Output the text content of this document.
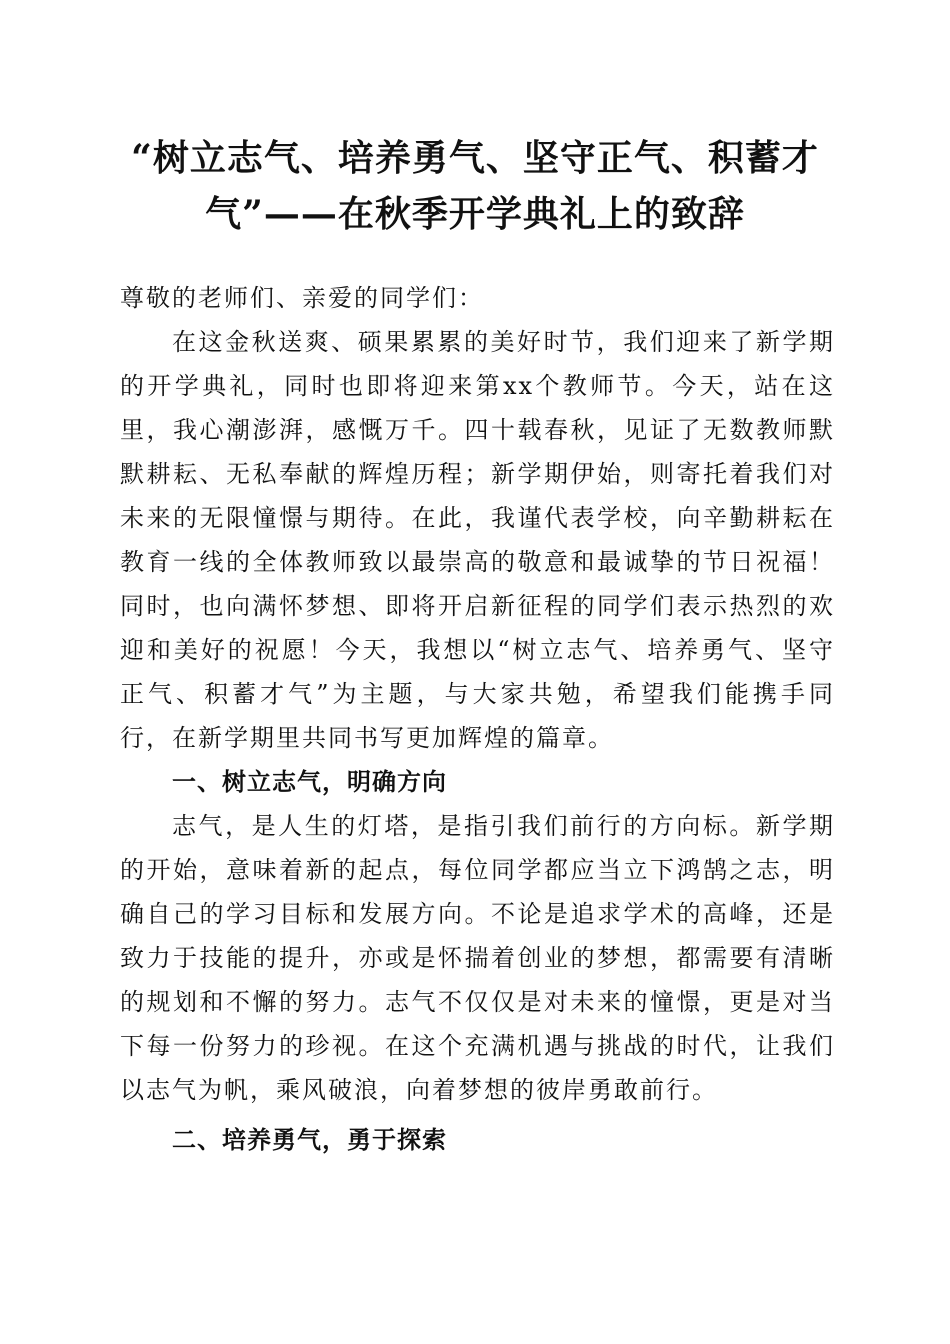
“树立志气、培养勇气、坚守正气、积蓄才
气”——在秋季开学典礼上的致辞

尊敬的老师们、亲爱的同学们：

在这金秋送爽、硕果累累的美好时节，我们迎来了新学期的开学典礼，同时也即将迎来第xx个教师节。今天，站在这里，我心潮澎湃，感慨万千。四十载春秋，见证了无数教师默默耕耘、无私奉献的辉煌历程；新学期伊始，则寄托着我们对未来的无限憧憬与期待。在此，我谨代表学校，向辛勤耕耘在教育一线的全体教师致以最崇高的敬意和最诚挚的节日祝福！同时，也向满怀梦想、即将开启新征程的同学们表示热烈的欢迎和美好的祝愿！今天，我想以“树立志气、培养勇气、坚守正气、积蓄才气”为主题，与大家共勉，希望我们能携手同行，在新学期里共同书写更加辉煌的篇章。

一、树立志气，明确方向

志气，是人生的灯塔，是指引我们前行的方向标。新学期的开始，意味着新的起点，每位同学都应当立下鸿鹄之志，明确自己的学习目标和发展方向。不论是追求学术的高峰，还是致力于技能的提升，亦或是怀揣着创业的梦想，都需要有清晰的规划和不懈的努力。志气不仅仅是对未来的憧憬，更是对当下每一份努力的珍视。在这个充满机遇与挑战的时代，让我们以志气为帆，乘风破浪，向着梦想的彼岸勇敢前行。

二、培养勇气，勇于探索
